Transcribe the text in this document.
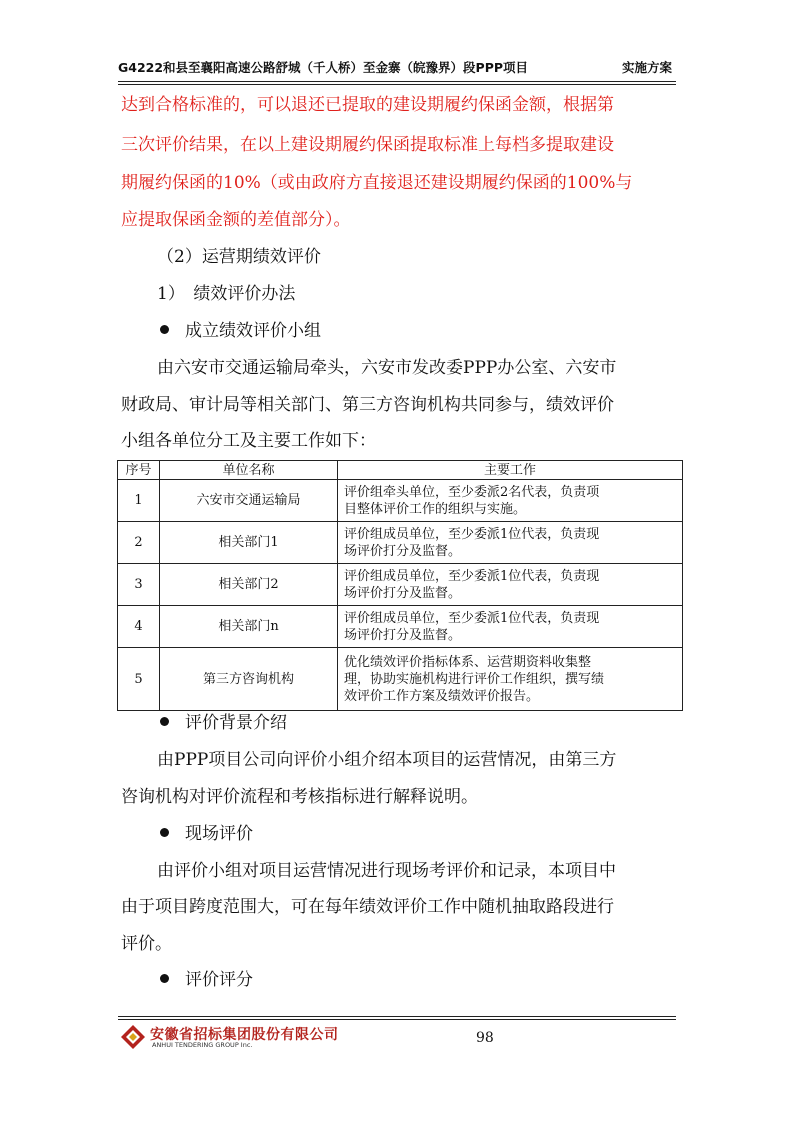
G4222和县至襄阳高速公路舒城（千人桥）至金寨（皖豫界）段PPP项目	实施方案
达到合格标准的，可以退还已提取的建设期履约保函金额，根据第
三次评价结果，在以上建设期履约保函提取标准上每档多提取建设
期履约保函的10%（或由政府方直接退还建设期履约保函的100%与
应提取保函金额的差值部分）。
（2）运营期绩效评价
1）　绩效评价办法
成立绩效评价小组
由六安市交通运输局牵头，六安市发改委PPP办公室、六安市
财政局、审计局等相关部门、第三方咨询机构共同参与，绩效评价
小组各单位分工及主要工作如下：
序号	单位名称	主要工作
1	六安市交通运输局	评价组牵头单位，至少委派2名代表，负责项
目整体评价工作的组织与实施。

2	相关部门1	评价组成员单位，至少委派1位代表，负责现
场评价打分及监督。

3	相关部门2	评价组成员单位，至少委派1位代表，负责现
场评价打分及监督。

4	相关部门n	评价组成员单位，至少委派1位代表，负责现
场评价打分及监督。

5	第三方咨询机构	优化绩效评价指标体系、运营期资料收集整
理，协助实施机构进行评价工作组织，撰写绩
效评价工作方案及绩效评价报告。
评价背景介绍
由PPP项目公司向评价小组介绍本项目的运营情况，由第三方
咨询机构对评价流程和考核指标进行解释说明。
现场评价
由评价小组对项目运营情况进行现场考评价和记录，本项目中
由于项目跨度范围大，可在每年绩效评价工作中随机抽取路段进行
评价。
评价评分
安徽省招标集团股份有限公司
ANHUI TENDERING GROUP Inc.	98
